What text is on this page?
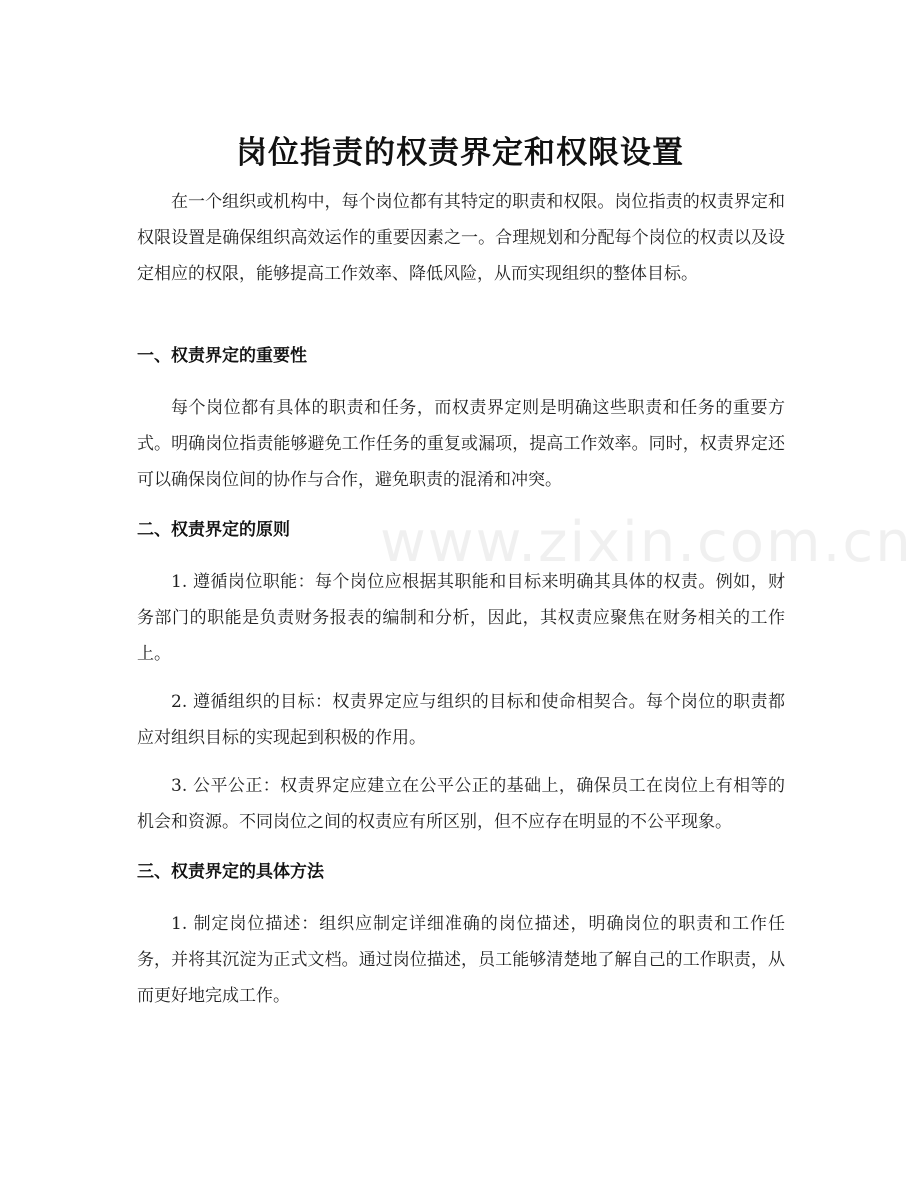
岗位指责的权责界定和权限设置

在一个组织或机构中，每个岗位都有其特定的职责和权限。岗位指责的权责界定和权限设置是确保组织高效运作的重要因素之一。合理规划和分配每个岗位的权责以及设定相应的权限，能够提高工作效率、降低风险，从而实现组织的整体目标。

一、权责界定的重要性

每个岗位都有具体的职责和任务，而权责界定则是明确这些职责和任务的重要方式。明确岗位指责能够避免工作任务的重复或漏项，提高工作效率。同时，权责界定还可以确保岗位间的协作与合作，避免职责的混淆和冲突。

二、权责界定的原则

1. 遵循岗位职能：每个岗位应根据其职能和目标来明确其具体的权责。例如，财务部门的职能是负责财务报表的编制和分析，因此，其权责应聚焦在财务相关的工作上。

2. 遵循组织的目标：权责界定应与组织的目标和使命相契合。每个岗位的职责都应对组织目标的实现起到积极的作用。

3. 公平公正：权责界定应建立在公平公正的基础上，确保员工在岗位上有相等的机会和资源。不同岗位之间的权责应有所区别，但不应存在明显的不公平现象。

三、权责界定的具体方法

1. 制定岗位描述：组织应制定详细准确的岗位描述，明确岗位的职责和工作任务，并将其沉淀为正式文档。通过岗位描述，员工能够清楚地了解自己的工作职责，从而更好地完成工作。

www.zixin.com.cn
